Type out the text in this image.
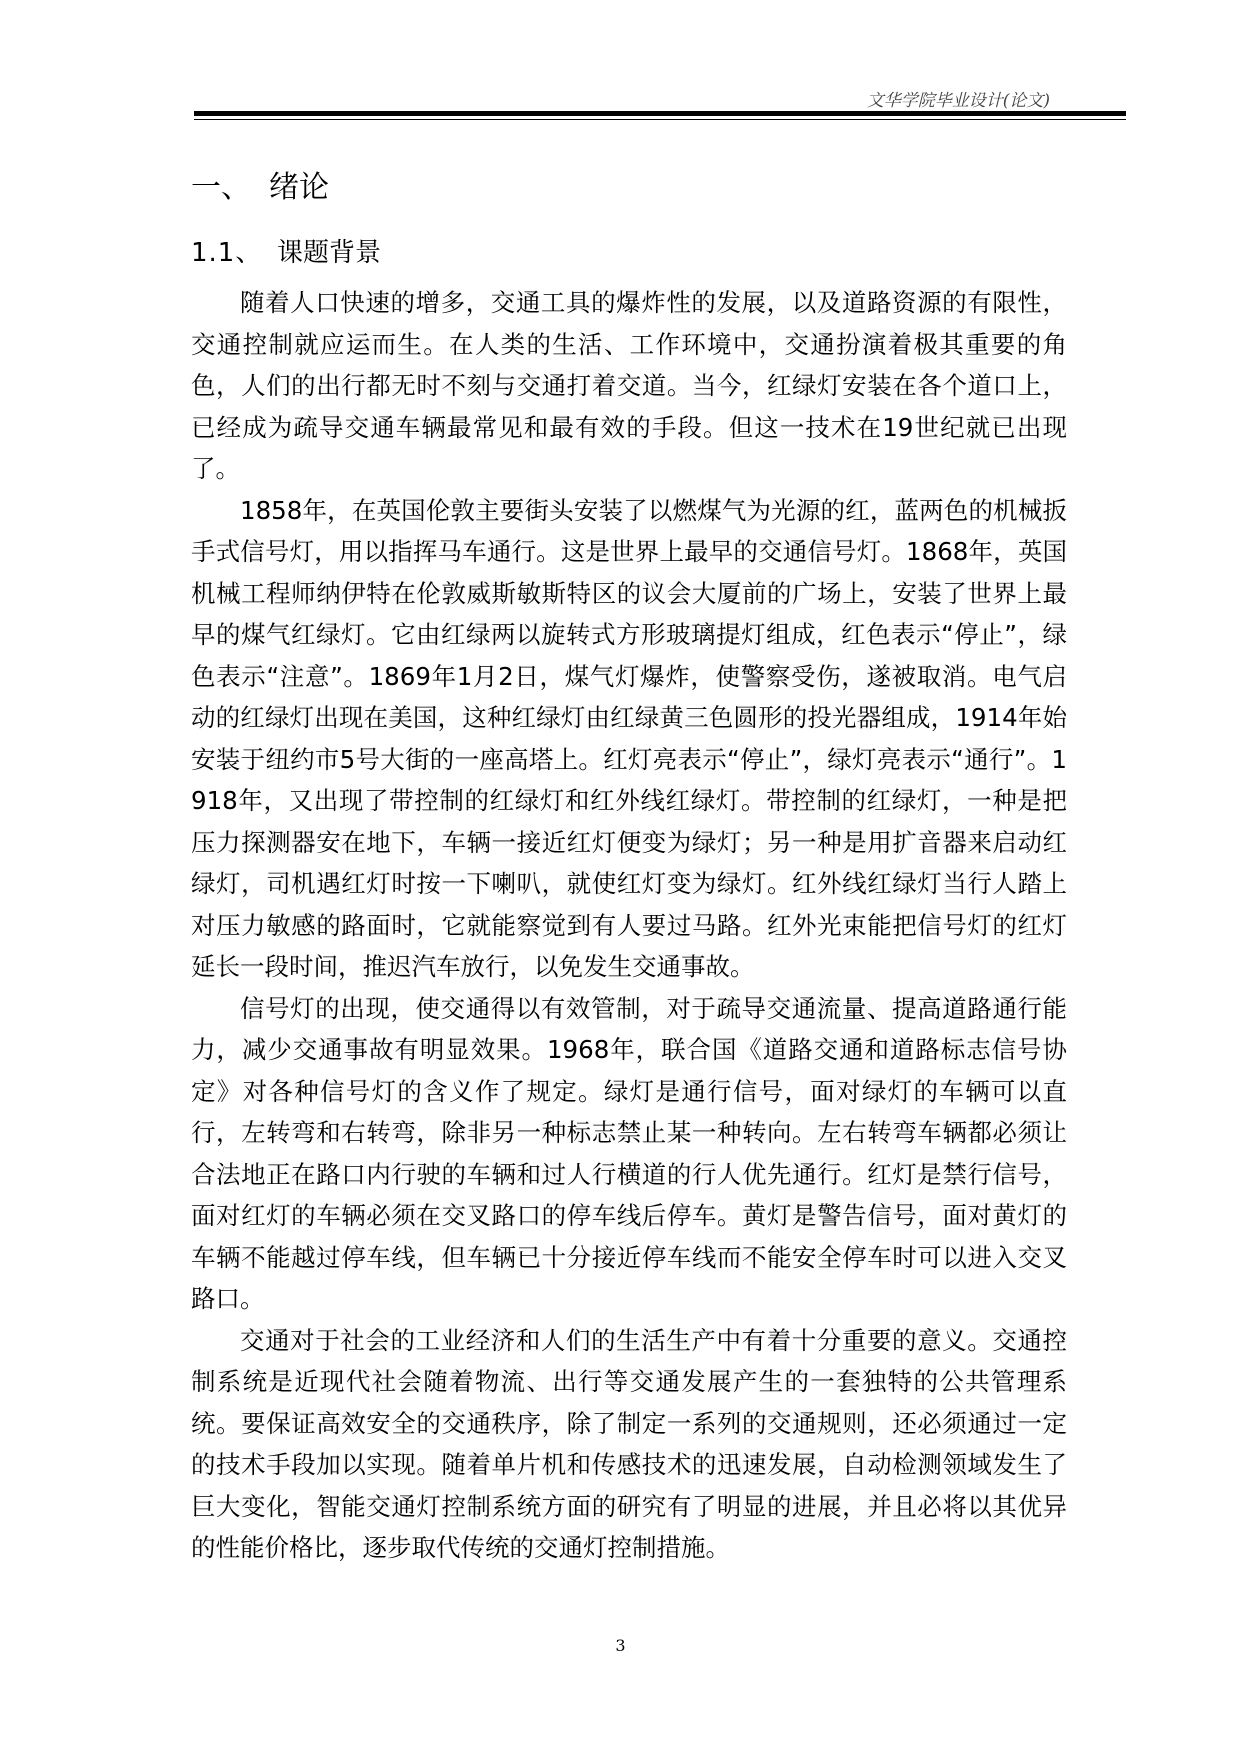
文华学院毕业设计(论文)
一、 绪论
1.1、 课题背景

随着人口快速的增多，交通工具的爆炸性的发展，以及道路资源的有限性，交通控制就应运而生。在人类的生活、工作环境中，交通扮演着极其重要的角色，人们的出行都无时不刻与交通打着交道。当今，红绿灯安装在各个道口上，已经成为疏导交通车辆最常见和最有效的手段。但这一技术在19世纪就已出现了。

1858年，在英国伦敦主要街头安装了以燃煤气为光源的红，蓝两色的机械扳手式信号灯，用以指挥马车通行。这是世界上最早的交通信号灯。1868年，英国机械工程师纳伊特在伦敦威斯敏斯特区的议会大厦前的广场上，安装了世界上最早的煤气红绿灯。它由红绿两以旋转式方形玻璃提灯组成，红色表示“停止”，绿色表示“注意”。1869年1月2日，煤气灯爆炸，使警察受伤，遂被取消。电气启动的红绿灯出现在美国，这种红绿灯由红绿黄三色圆形的投光器组成，1914年始安装于纽约市5号大街的一座高塔上。红灯亮表示“停止”，绿灯亮表示“通行”。1918年，又出现了带控制的红绿灯和红外线红绿灯。带控制的红绿灯，一种是把压力探测器安在地下，车辆一接近红灯便变为绿灯；另一种是用扩音器来启动红绿灯，司机遇红灯时按一下喇叭，就使红灯变为绿灯。红外线红绿灯当行人踏上对压力敏感的路面时，它就能察觉到有人要过马路。红外光束能把信号灯的红灯延长一段时间，推迟汽车放行，以免发生交通事故。

信号灯的出现，使交通得以有效管制，对于疏导交通流量、提高道路通行能力，减少交通事故有明显效果。1968年，联合国《道路交通和道路标志信号协定》对各种信号灯的含义作了规定。绿灯是通行信号，面对绿灯的车辆可以直行，左转弯和右转弯，除非另一种标志禁止某一种转向。左右转弯车辆都必须让合法地正在路口内行驶的车辆和过人行横道的行人优先通行。红灯是禁行信号，面对红灯的车辆必须在交叉路口的停车线后停车。黄灯是警告信号，面对黄灯的车辆不能越过停车线，但车辆已十分接近停车线而不能安全停车时可以进入交叉路口。

交通对于社会的工业经济和人们的生活生产中有着十分重要的意义。交通控制系统是近现代社会随着物流、出行等交通发展产生的一套独特的公共管理系统。要保证高效安全的交通秩序，除了制定一系列的交通规则，还必须通过一定的技术手段加以实现。随着单片机和传感技术的迅速发展，自动检测领域发生了巨大变化，智能交通灯控制系统方面的研究有了明显的进展，并且必将以其优异的性能价格比，逐步取代传统的交通灯控制措施。

3
